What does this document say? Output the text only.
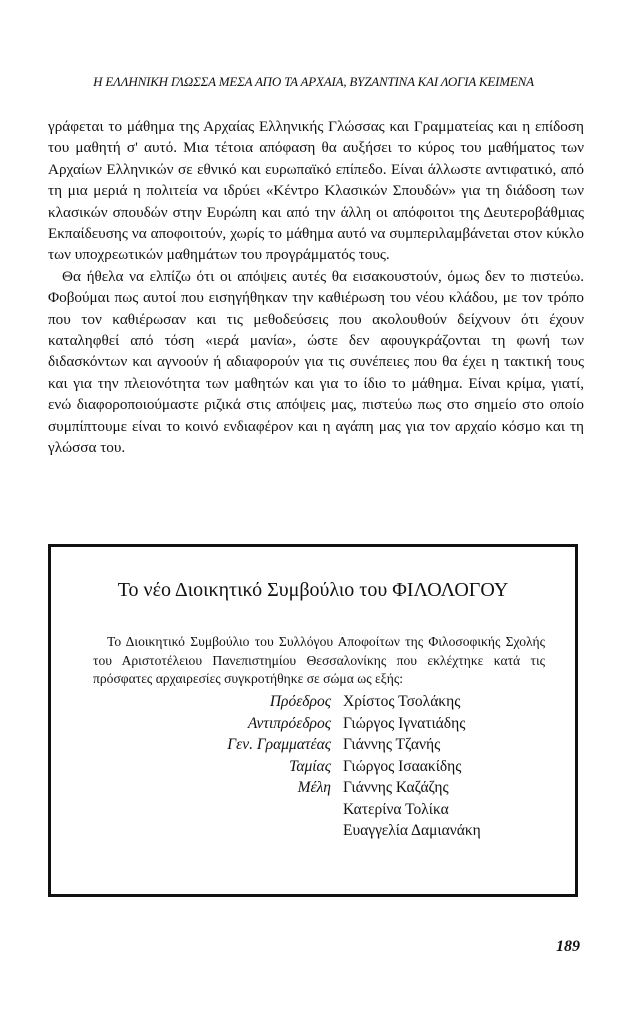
Η ΕΛΛΗΝΙΚΗ ΓΛΩΣΣΑ ΜΕΣΑ ΑΠΟ ΤΑ ΑΡΧΑΙΑ, ΒΥΖΑΝΤΙΝΑ ΚΑΙ ΛΟΓΙΑ ΚΕΙΜΕΝΑ

γράφεται το μάθημα της Αρχαίας Ελληνικής Γλώσσας και Γραμματείας και η επίδοση του μαθητή σ' αυτό. Μια τέτοια απόφαση θα αυξήσει το κύρος του μαθήματος των Αρχαίων Ελληνικών σε εθνικό και ευρωπαϊκό επίπεδο. Είναι άλλωστε αντιφατικό, από τη μια μεριά η πολιτεία να ιδρύει «Κέντρο Κλασικών Σπουδών» για τη διάδοση των κλασικών σπουδών στην Ευρώπη και από την άλλη οι απόφοιτοι της Δευτεροβάθμιας Εκπαίδευσης να αποφοιτούν, χωρίς το μάθημα αυτό να συμπεριλαμβάνεται στον κύκλο των υποχρεωτικών μαθημάτων του προγράμματός τους.

Θα ήθελα να ελπίζω ότι οι απόψεις αυτές θα εισακουστούν, όμως δεν το πιστεύω. Φοβούμαι πως αυτοί που εισηγήθηκαν την καθιέρωση του νέου κλάδου, με τον τρόπο που τον καθιέρωσαν και τις μεθοδεύσεις που ακολουθούν δείχνουν ότι έχουν καταληφθεί από τόση «ιερά μανία», ώστε δεν αφουγκράζονται τη φωνή των διδασκόντων και αγνοούν ή αδιαφορούν για τις συνέπειες που θα έχει η τακτική τους και για την πλειονότητα των μαθητών και για το ίδιο το μάθημα. Είναι κρίμα, γιατί, ενώ διαφοροποιούμαστε ριζικά στις απόψεις μας, πιστεύω πως στο σημείο στο οποίο συμπίπτουμε είναι το κοινό ενδιαφέρον και η αγάπη μας για τον αρχαίο κόσμο και τη γλώσσα του.

Το νέο Διοικητικό Συμβούλιο του ΦΙΛΟΛΟΓΟΥ

Το Διοικητικό Συμβούλιο του Συλλόγου Αποφοίτων της Φιλοσοφικής Σχολής του Αριστοτέλειου Πανεπιστημίου Θεσσαλονίκης που εκλέχτηκε κατά τις πρόσφατες αρχαιρεσίες συγκροτήθηκε σε σώμα ως εξής:

Πρόεδρος Χρίστος Τσολάκης
Αντιπρόεδρος Γιώργος Ιγνατιάδης
Γεν. Γραμματέας Γιάννης Τζανής
Ταμίας Γιώργος Ισαακίδης
Μέλη Γιάννης Καζάζης
Κατερίνα Τολίκα
Ευαγγελία Δαμιανάκη
189
